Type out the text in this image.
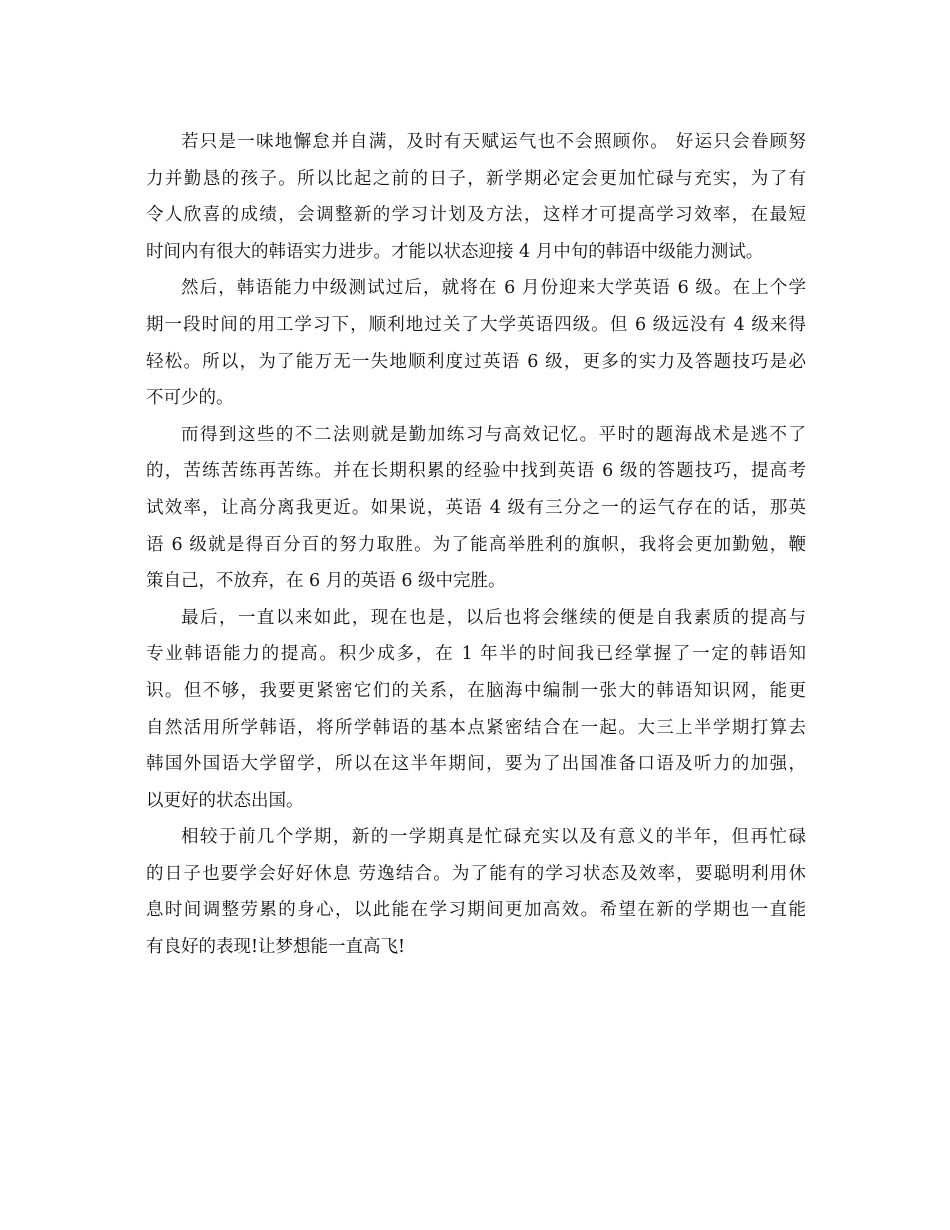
若只是一味地懈怠并自满，及时有天赋运气也不会照顾你。 好运只会眷顾努
力并勤恳的孩子。所以比起之前的日子，新学期必定会更加忙碌与充实，为了有
令人欣喜的成绩，会调整新的学习计划及方法，这样才可提高学习效率，在最短
时间内有很大的韩语实力进步。才能以状态迎接 4 月中旬的韩语中级能力测试。
然后，韩语能力中级测试过后，就将在 6 月份迎来大学英语 6 级。在上个学
期一段时间的用工学习下，顺利地过关了大学英语四级。但 6 级远没有 4 级来得
轻松。所以，为了能万无一失地顺利度过英语 6 级，更多的实力及答题技巧是必
不可少的。
而得到这些的不二法则就是勤加练习与高效记忆。平时的题海战术是逃不了
的，苦练苦练再苦练。并在长期积累的经验中找到英语 6 级的答题技巧，提高考
试效率，让高分离我更近。如果说，英语 4 级有三分之一的运气存在的话，那英
语 6 级就是得百分百的努力取胜。为了能高举胜利的旗帜，我将会更加勤勉，鞭
策自己，不放弃，在 6 月的英语 6 级中完胜。
最后，一直以来如此，现在也是，以后也将会继续的便是自我素质的提高与
专业韩语能力的提高。积少成多，在 1 年半的时间我已经掌握了一定的韩语知
识。但不够，我要更紧密它们的关系，在脑海中编制一张大的韩语知识网，能更
自然活用所学韩语，将所学韩语的基本点紧密结合在一起。大三上半学期打算去
韩国外国语大学留学，所以在这半年期间，要为了出国准备口语及听力的加强，
以更好的状态出国。
相较于前几个学期，新的一学期真是忙碌充实以及有意义的半年，但再忙碌
的日子也要学会好好休息 劳逸结合。为了能有的学习状态及效率，要聪明利用休
息时间调整劳累的身心，以此能在学习期间更加高效。希望在新的学期也一直能
有良好的表现!让梦想能一直高飞!
